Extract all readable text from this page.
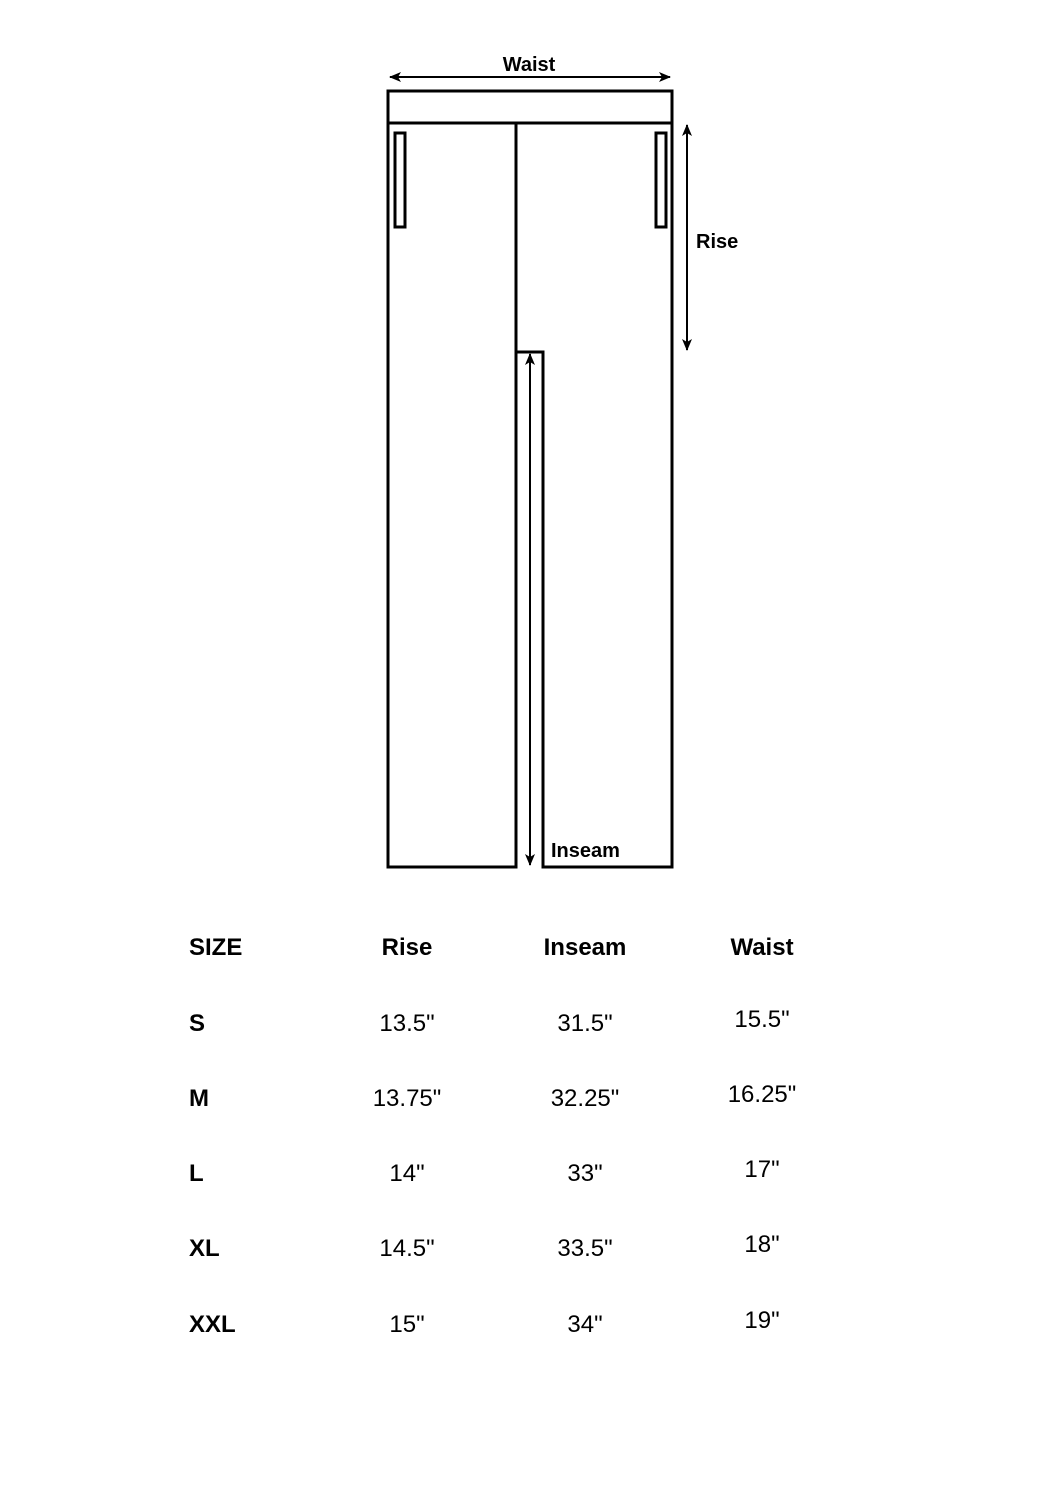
Waist
Rise
Inseam
SIZE	Rise	Inseam	Waist
S	13.5"	31.5"	15.5"
M	13.75"	32.25"	16.25"
L	14"	33"	17"
XL	14.5"	33.5"	18"
XXL	15"	34"	19"
